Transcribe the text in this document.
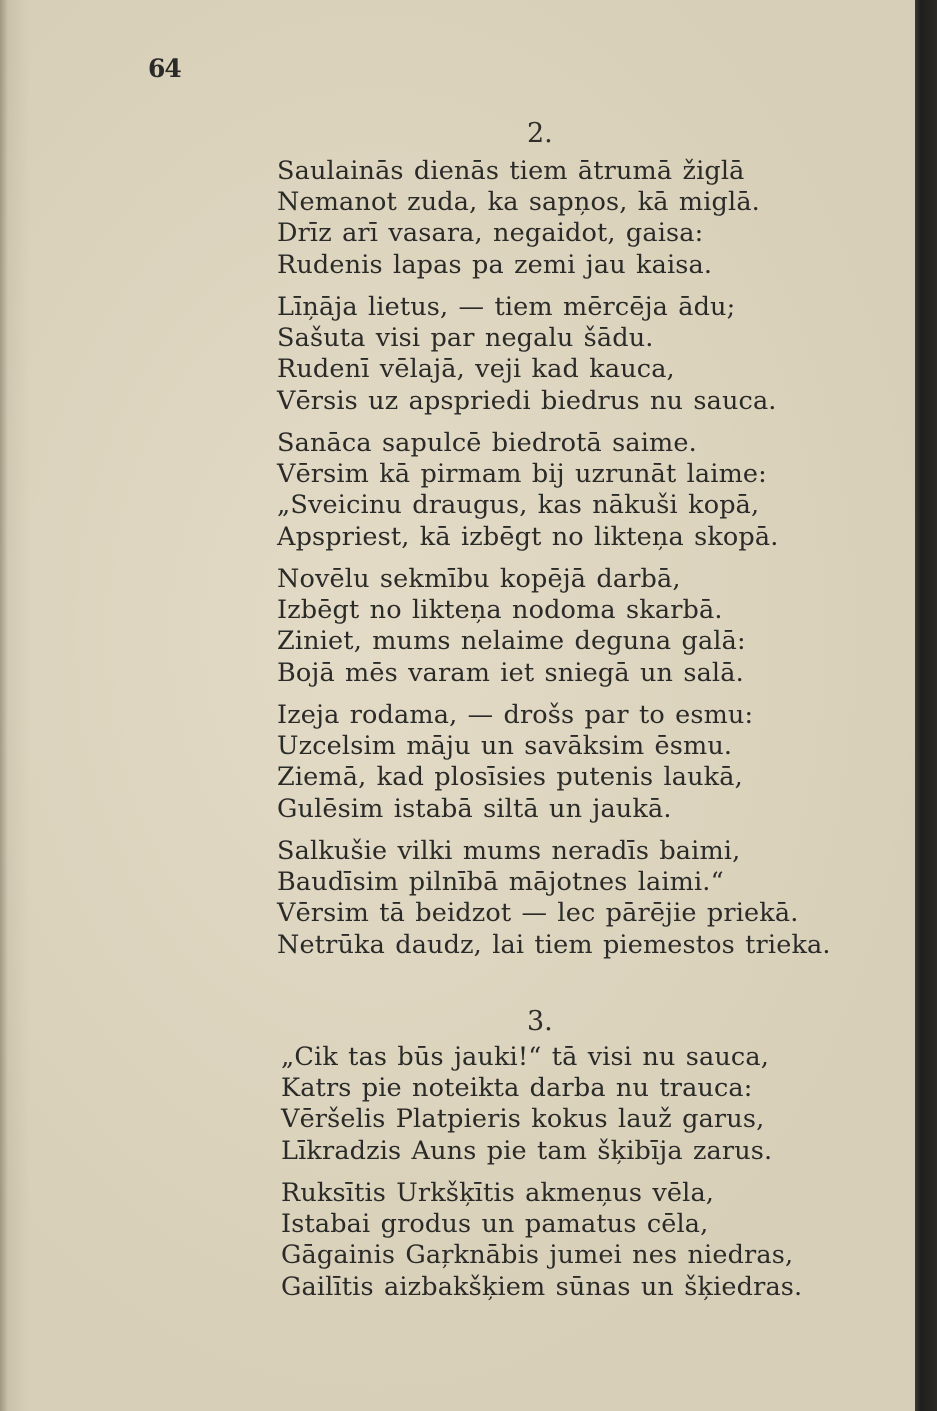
64
2.
Saulainās dienās tiem ātrumā žiglā
Nemanot zuda, ka sapņos, kā miglā.
Drīz arī vasara, negaidot, gaisa:
Rudenis lapas pa zemi jau kaisa.
Līņāja lietus, — tiem mērcēja ādu;
Sašuta visi par negalu šādu.
Rudenī vēlajā, veji kad kauca,
Vērsis uz apspriedi biedrus nu sauca.
Sanāca sapulcē biedrotā saime.
Vērsim kā pirmam bij uzrunāt laime:
„Sveicinu draugus, kas nākuši kopā,
Apspriest, kā izbēgt no likteņa skopā.
Novēlu sekmību kopējā darbā,
Izbēgt no likteņa nodoma skarbā.
Ziniet, mums nelaime deguna galā:
Bojā mēs varam iet sniegā un salā.
Izeja rodama, — drošs par to esmu:
Uzcelsim māju un savāksim ēsmu.
Ziemā, kad plosīsies putenis laukā,
Gulēsim istabā siltā un jaukā.
Salkušie vilki mums neradīs baimi,
Baudīsim pilnībā mājotnes laimi.“
Vērsim tā beidzot — lec pārējie priekā.
Netrūka daudz, lai tiem piemestos trieka.
3.
„Cik tas būs jauki!“ tā visi nu sauca,
Katrs pie noteikta darba nu trauca:
Vēršelis Platpieris kokus lauž garus,
Līkradzis Auns pie tam šķibīja zarus.
Ruksītis Urkšķītis akmeņus vēla,
Istabai grodus un pamatus cēla,
Gāgainis Gaŗknābis jumei nes niedras,
Gailītis aizbakšķiem sūnas un šķiedras.
